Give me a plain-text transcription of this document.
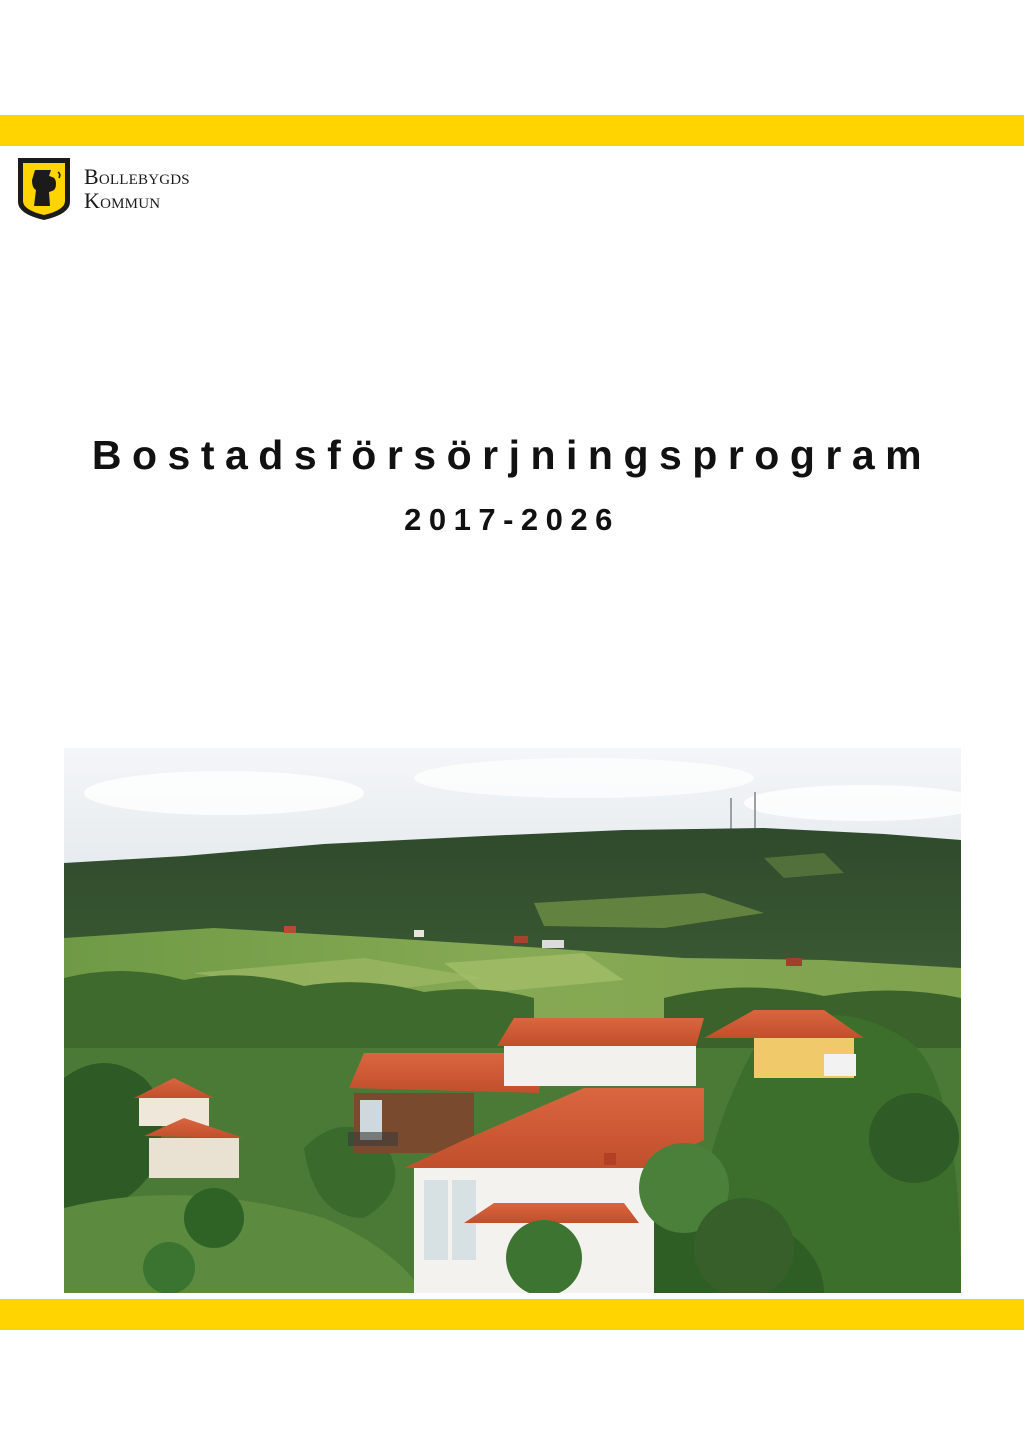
Bollebygds
Kommun
Bostadsförsörjningsprogram
2017-2026
